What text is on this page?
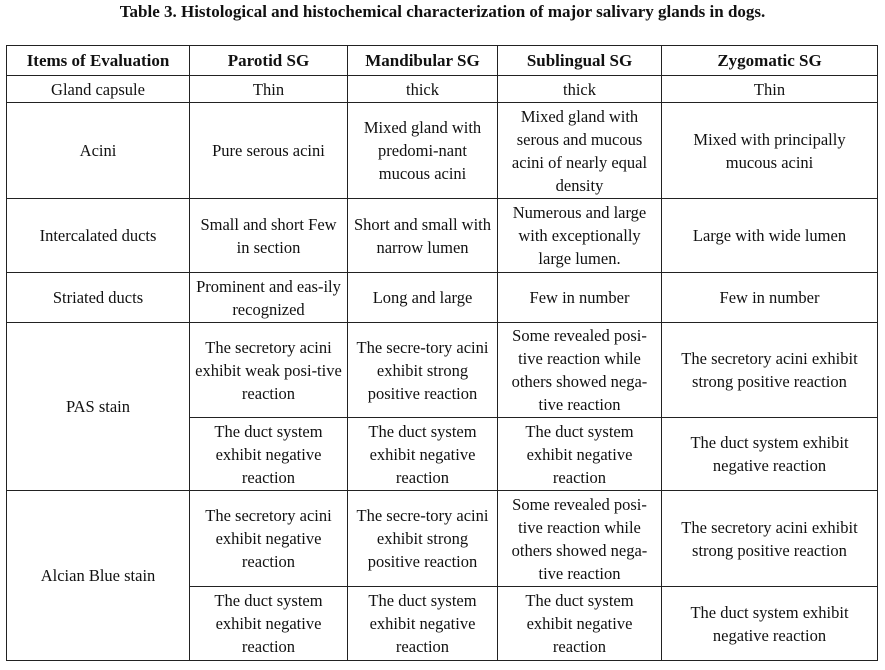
Table 3. Histological and histochemical characterization of major salivary glands in dogs.
Items of Evaluation	Parotid SG	Mandibular SG	Sublingual SG	Zygomatic SG
Gland capsule	Thin	thick	thick	Thin
Acini	Pure serous acini	Mixed gland with predomi-nant mucous acini	Mixed gland with serous and mucous acini of nearly equal density	Mixed with principally mucous acini
Intercalated ducts	Small and short Few in section	Short and small with narrow lumen	Numerous and large with exceptionally large lumen.	Large with wide lumen
Striated ducts	Prominent and eas-ily recognized	Long and large	Few in number	Few in number
PAS stain	The secretory acini exhibit weak posi-tive reaction	The secre-tory acini exhibit strong positive reaction	Some revealed posi-tive reaction while others showed nega-tive reaction	The secretory acini exhibit strong positive reaction
	The duct system exhibit negative reaction	The duct system exhibit negative reaction	The duct system exhibit negative reaction	The duct system exhibit negative reaction
Alcian Blue stain	The secretory acini exhibit negative reaction	The secre-tory acini exhibit strong positive reaction	Some revealed posi-tive reaction while others showed nega-tive reaction	The secretory acini exhibit strong positive reaction
	The duct system exhibit negative reaction	The duct system exhibit negative reaction	The duct system exhibit negative reaction	The duct system exhibit negative reaction
